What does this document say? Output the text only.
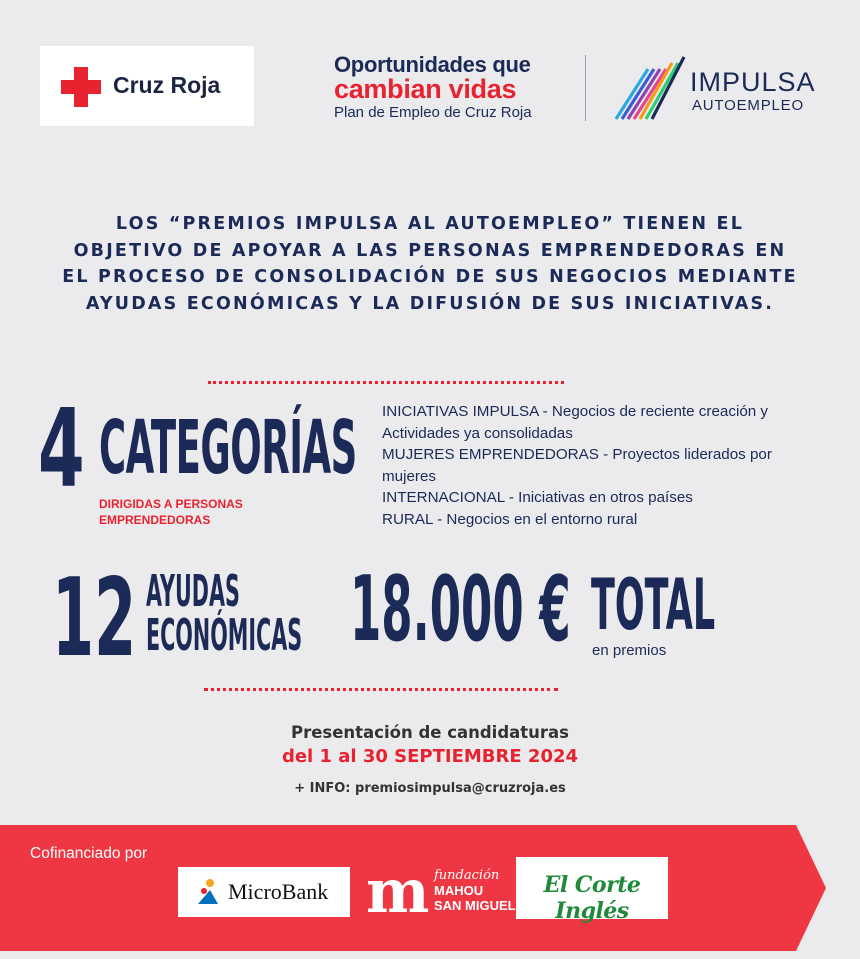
Cruz Roja
Oportunidades que
cambian vidas
Plan de Empleo de Cruz Roja
IMPULSA
AUTOEMPLEO
LOS “PREMIOS IMPULSA AL AUTOEMPLEO” TIENEN EL OBJETIVO DE APOYAR A LAS PERSONAS EMPRENDEDORAS EN EL PROCESO DE CONSOLIDACIÓN DE SUS NEGOCIOS MEDIANTE AYUDAS ECONÓMICAS Y LA DIFUSIÓN DE SUS INICIATIVAS.
4 CATEGORÍAS
DIRIGIDAS A PERSONAS
EMPRENDEDORAS
INICIATIVAS IMPULSA - Negocios de reciente creación y Actividades ya consolidadas
MUJERES EMPRENDEDORAS - Proyectos liderados por mujeres
INTERNACIONAL - Iniciativas en otros países
RURAL - Negocios en el entorno rural
12 AYUDAS
ECONÓMICAS 18.000 € TOTAL
en premios
Presentación de candidaturas
del 1 al 30 SEPTIEMBRE 2024
+ INFO: premiosimpulsa@cruzroja.es
Cofinanciado por
MicroBank m fundación
MAHOU
SAN MIGUEL
El Corte Inglés
